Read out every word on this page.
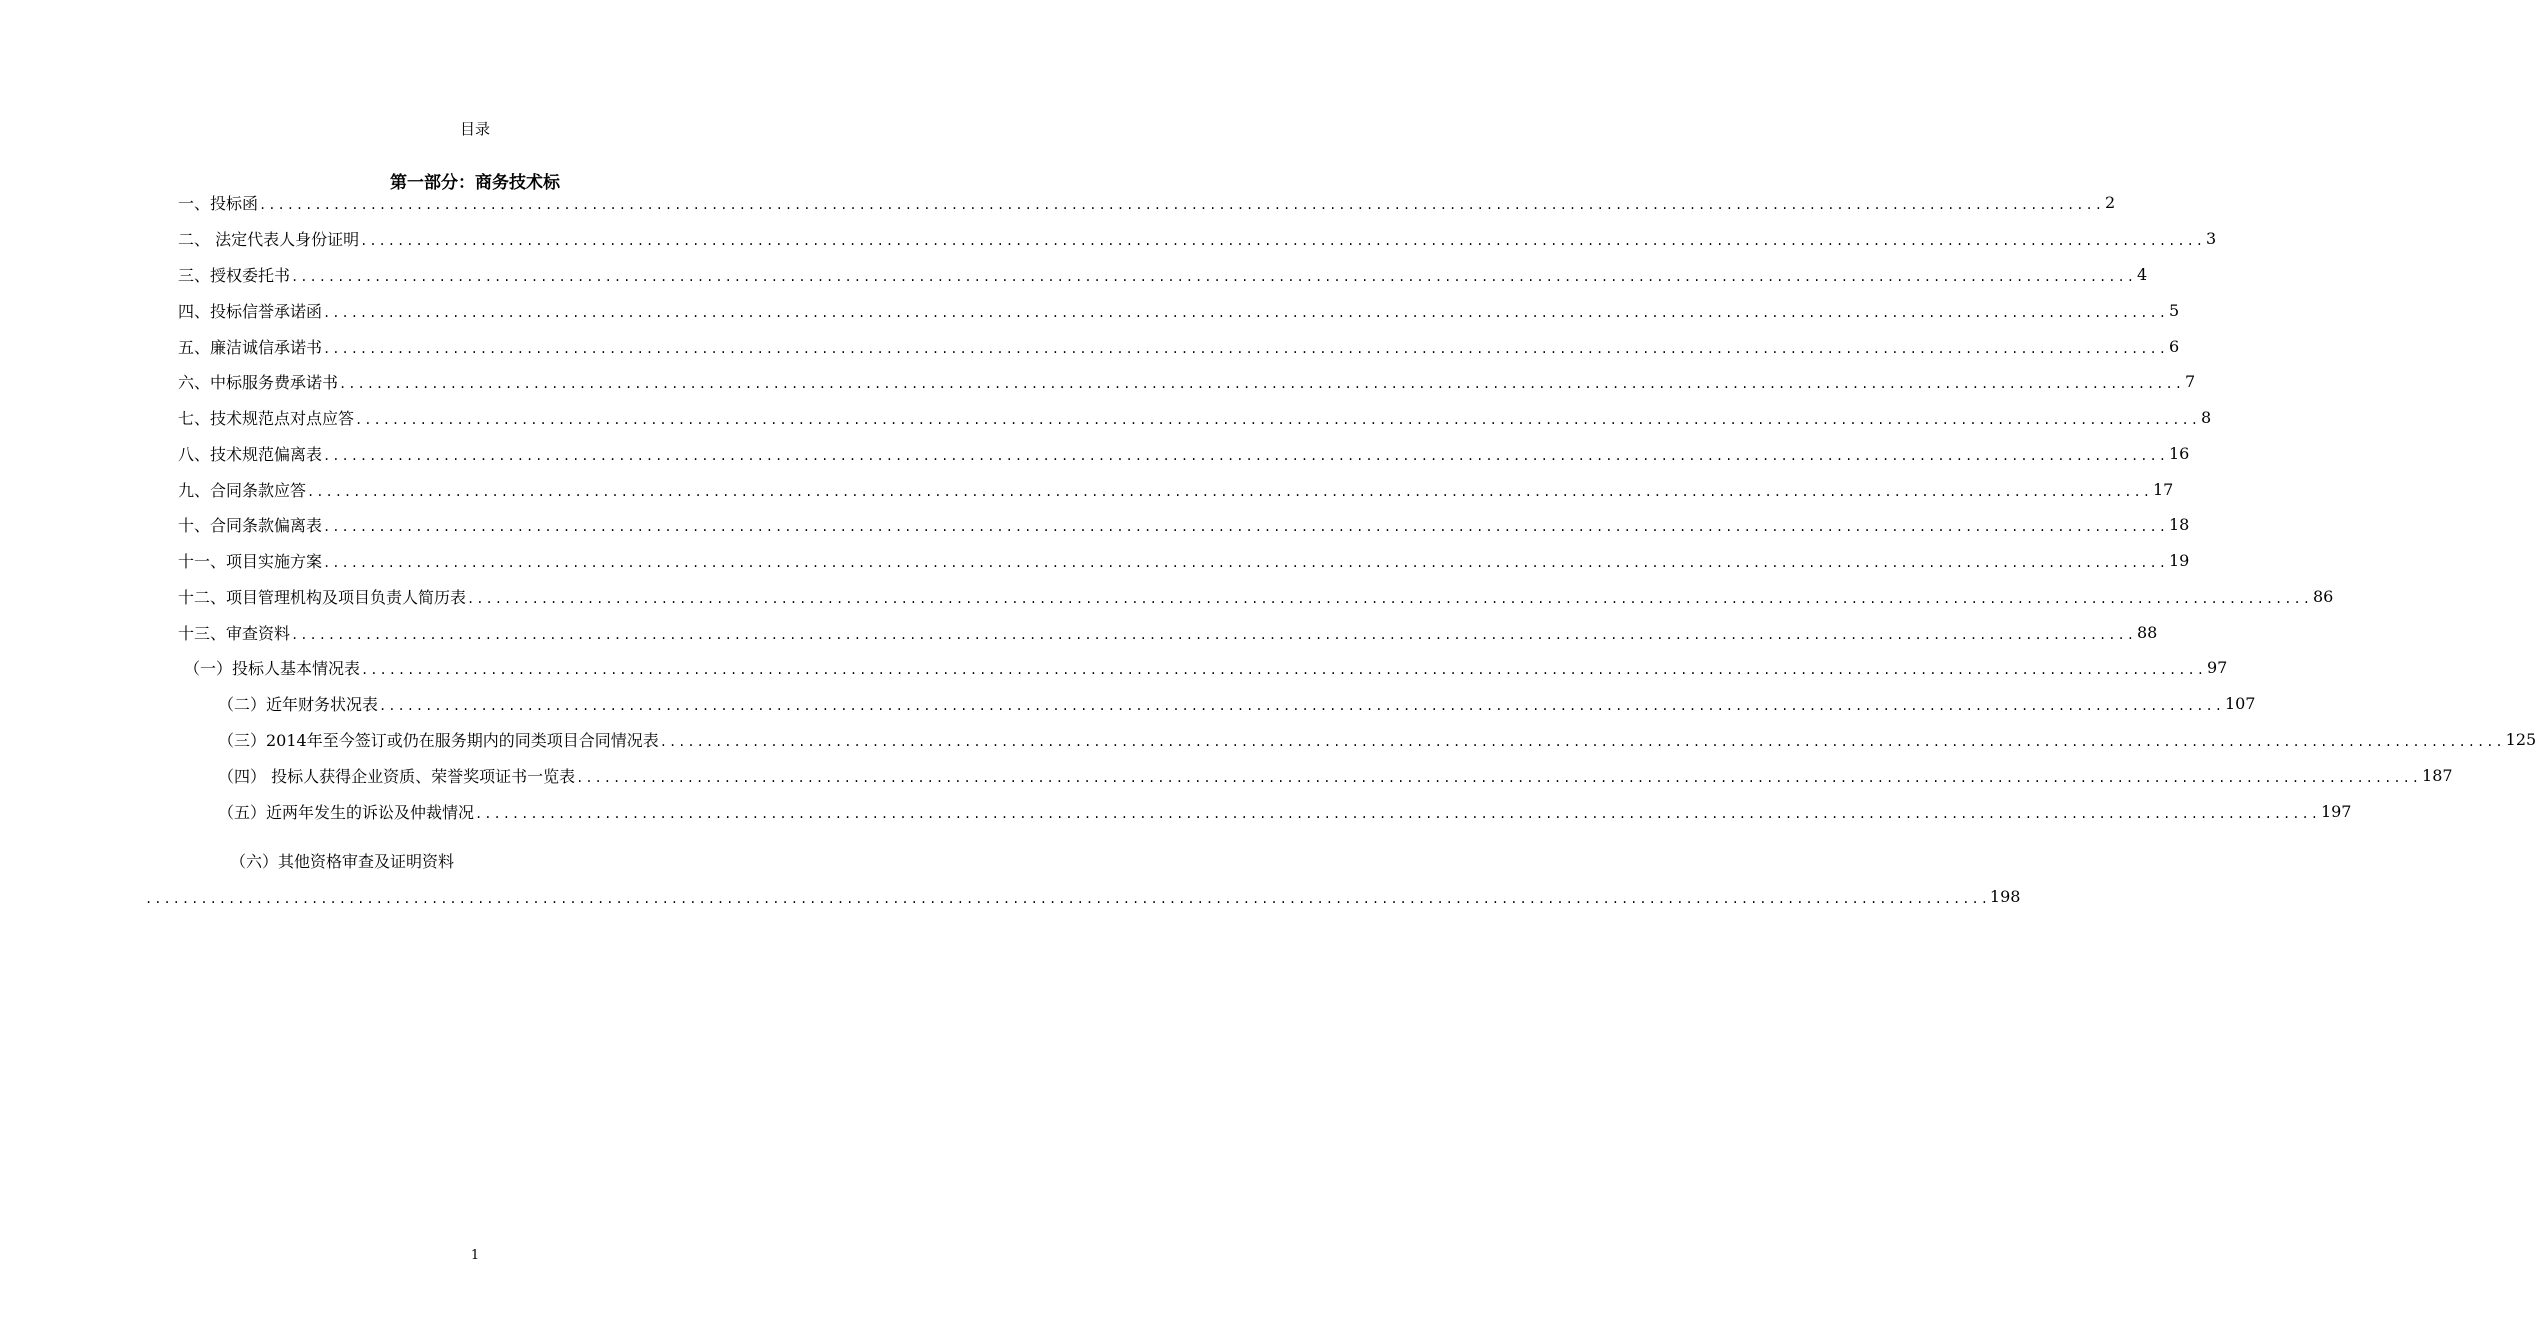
目录
第一部分：商务技术标
一、投标函 ........................................................................................................................................................................................................ 2
二、 法定代表人身份证明 ........................................................................................................................................................................................................ 3
三、授权委托书 ........................................................................................................................................................................................................ 4
四、投标信誉承诺函 ........................................................................................................................................................................................................ 5
五、廉洁诚信承诺书 ........................................................................................................................................................................................................ 6
六、中标服务费承诺书 ........................................................................................................................................................................................................ 7
七、技术规范点对点应答 ........................................................................................................................................................................................................ 8
八、技术规范偏离表 ........................................................................................................................................................................................................ 16
九、合同条款应答 ........................................................................................................................................................................................................ 17
十、合同条款偏离表 ........................................................................................................................................................................................................ 18
十一、项目实施方案 ........................................................................................................................................................................................................ 19
十二、项目管理机构及项目负责人简历表 ........................................................................................................................................................................................................ 86
十三、审查资料 ........................................................................................................................................................................................................ 88
（一）投标人基本情况表 ........................................................................................................................................................................................................ 97
（二）近年财务状况表 ........................................................................................................................................................................................................ 107
（三）2014年至今签订或仍在服务期内的同类项目合同情况表 ........................................................................................................................................................................................................ 125
（四） 投标人获得企业资质、荣誉奖项证书一览表 ........................................................................................................................................................................................................ 187
（五）近两年发生的诉讼及仲裁情况 ........................................................................................................................................................................................................ 197
（六）其他资格审查及证明资料
........................................................................................................................................................................................................ 198
1
